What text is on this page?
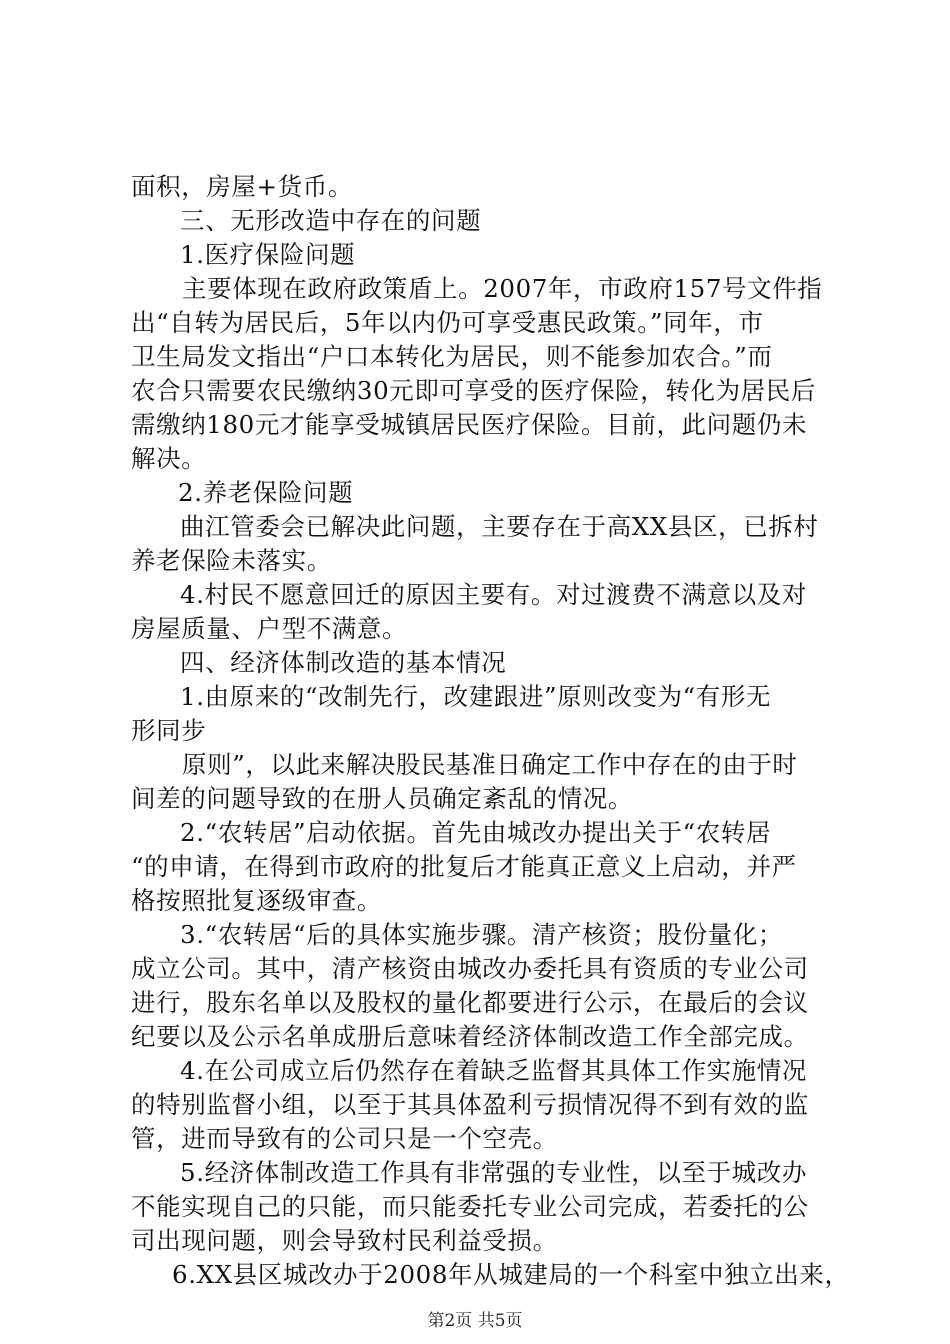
面积，房屋+货币。
三、无形改造中存在的问题
1.医疗保险问题
主要体现在政府政策盾上。2007年，市政府157号文件指
出“自转为居民后，5年以内仍可享受惠民政策。”同年，市
卫生局发文指出“户口本转化为居民，则不能参加农合。”而
农合只需要农民缴纳30元即可享受的医疗保险，转化为居民后
需缴纳180元才能享受城镇居民医疗保险。目前，此问题仍未
解决。
2.养老保险问题
曲江管委会已解决此问题，主要存在于高XX县区，已拆村
养老保险未落实。
4.村民不愿意回迁的原因主要有。对过渡费不满意以及对
房屋质量、户型不满意。
四、经济体制改造的基本情况
1.由原来的“改制先行，改建跟进”原则改变为“有形无
形同步
原则”，以此来解决股民基准日确定工作中存在的由于时
间差的问题导致的在册人员确定紊乱的情况。
2.“农转居”启动依据。首先由城改办提出关于“农转居
“的申请，在得到市政府的批复后才能真正意义上启动，并严
格按照批复逐级审查。
3.“农转居“后的具体实施步骤。清产核资；股份量化；
成立公司。其中，清产核资由城改办委托具有资质的专业公司
进行，股东名单以及股权的量化都要进行公示，在最后的会议
纪要以及公示名单成册后意味着经济体制改造工作全部完成。
4.在公司成立后仍然存在着缺乏监督其具体工作实施情况
的特别监督小组，以至于其具体盈利亏损情况得不到有效的监
管，进而导致有的公司只是一个空壳。
5.经济体制改造工作具有非常强的专业性，以至于城改办
不能实现自己的只能，而只能委托专业公司完成，若委托的公
司出现问题，则会导致村民利益受损。
6.XX县区城改办于2008年从城建局的一个科室中独立出来，
第2页 共5页
